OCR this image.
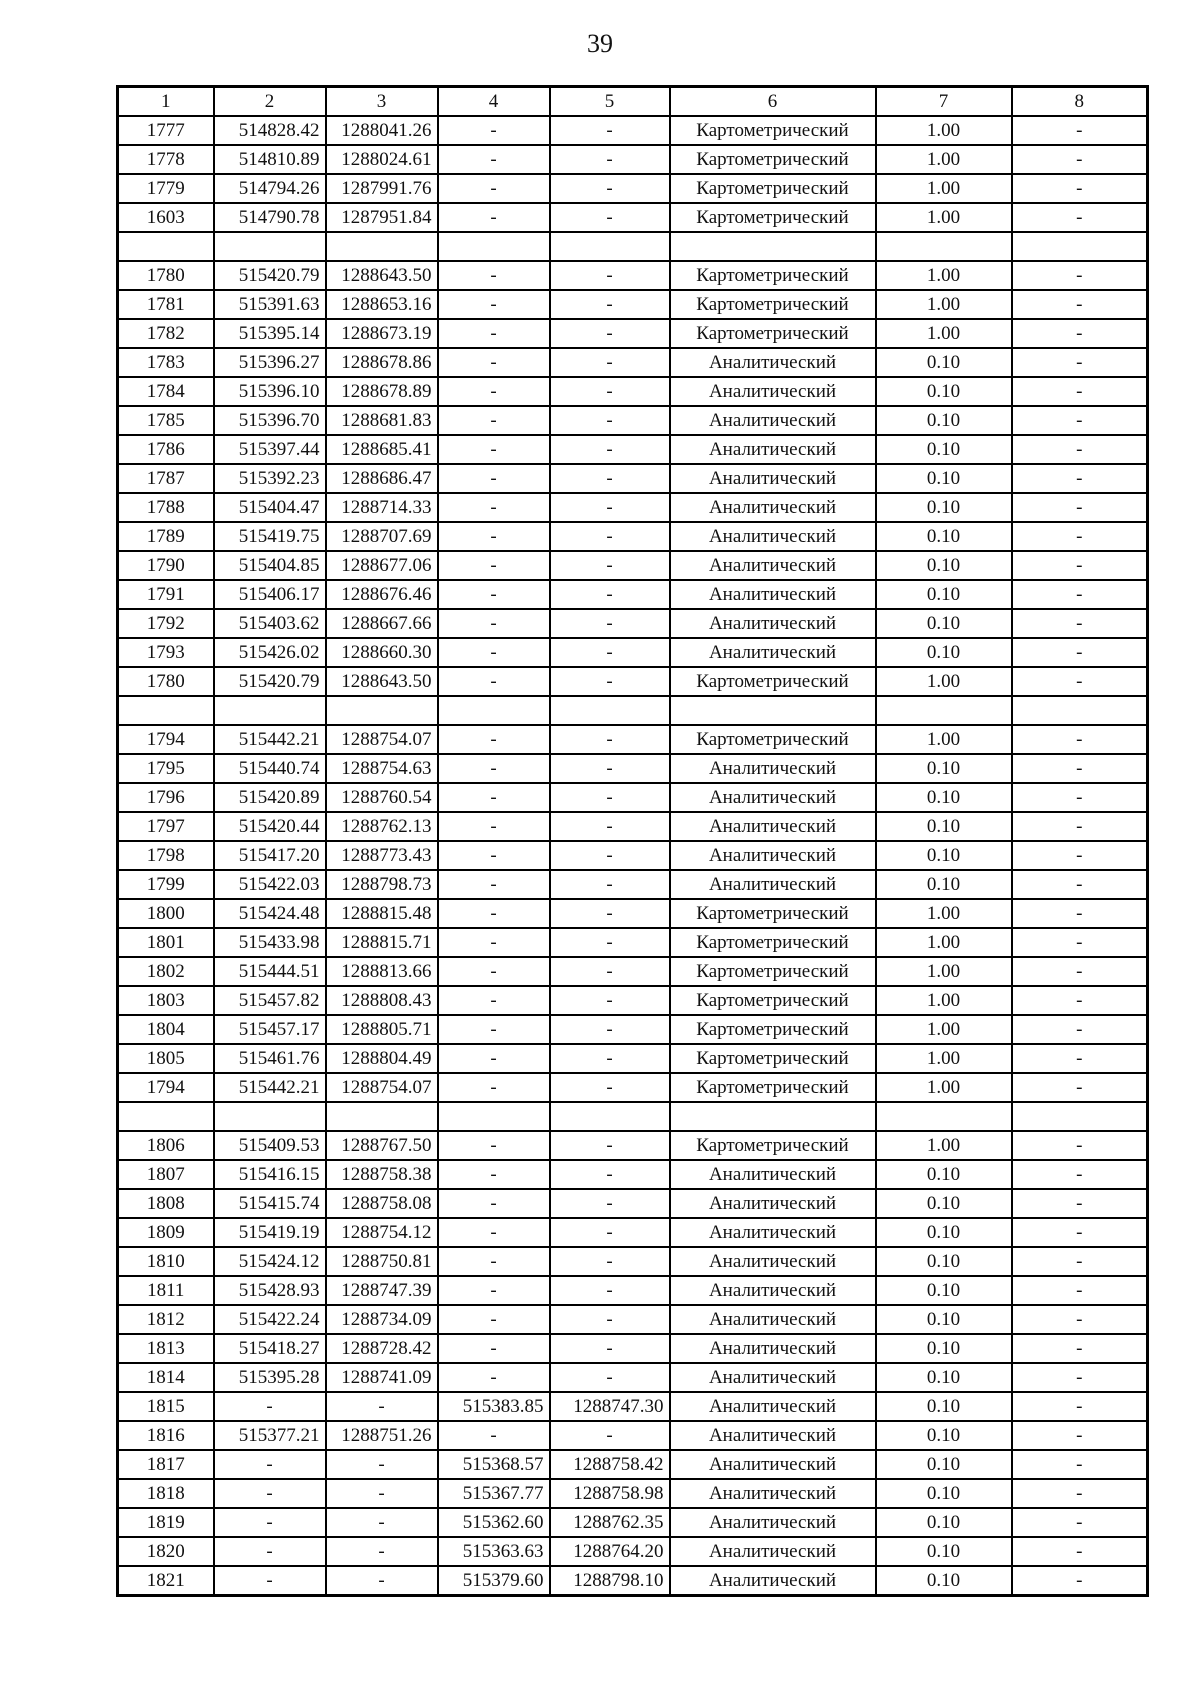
39
1	2	3	4	5	6	7	8
1777	514828.42	1288041.26	-	-	Картометрический	1.00	-
1778	514810.89	1288024.61	-	-	Картометрический	1.00	-
1779	514794.26	1287991.76	-	-	Картометрический	1.00	-
1603	514790.78	1287951.84	-	-	Картометрический	1.00	-

1780	515420.79	1288643.50	-	-	Картометрический	1.00	-
1781	515391.63	1288653.16	-	-	Картометрический	1.00	-
1782	515395.14	1288673.19	-	-	Картометрический	1.00	-
1783	515396.27	1288678.86	-	-	Аналитический	0.10	-
1784	515396.10	1288678.89	-	-	Аналитический	0.10	-
1785	515396.70	1288681.83	-	-	Аналитический	0.10	-
1786	515397.44	1288685.41	-	-	Аналитический	0.10	-
1787	515392.23	1288686.47	-	-	Аналитический	0.10	-
1788	515404.47	1288714.33	-	-	Аналитический	0.10	-
1789	515419.75	1288707.69	-	-	Аналитический	0.10	-
1790	515404.85	1288677.06	-	-	Аналитический	0.10	-
1791	515406.17	1288676.46	-	-	Аналитический	0.10	-
1792	515403.62	1288667.66	-	-	Аналитический	0.10	-
1793	515426.02	1288660.30	-	-	Аналитический	0.10	-
1780	515420.79	1288643.50	-	-	Картометрический	1.00	-

1794	515442.21	1288754.07	-	-	Картометрический	1.00	-
1795	515440.74	1288754.63	-	-	Аналитический	0.10	-
1796	515420.89	1288760.54	-	-	Аналитический	0.10	-
1797	515420.44	1288762.13	-	-	Аналитический	0.10	-
1798	515417.20	1288773.43	-	-	Аналитический	0.10	-
1799	515422.03	1288798.73	-	-	Аналитический	0.10	-
1800	515424.48	1288815.48	-	-	Картометрический	1.00	-
1801	515433.98	1288815.71	-	-	Картометрический	1.00	-
1802	515444.51	1288813.66	-	-	Картометрический	1.00	-
1803	515457.82	1288808.43	-	-	Картометрический	1.00	-
1804	515457.17	1288805.71	-	-	Картометрический	1.00	-
1805	515461.76	1288804.49	-	-	Картометрический	1.00	-
1794	515442.21	1288754.07	-	-	Картометрический	1.00	-

1806	515409.53	1288767.50	-	-	Картометрический	1.00	-
1807	515416.15	1288758.38	-	-	Аналитический	0.10	-
1808	515415.74	1288758.08	-	-	Аналитический	0.10	-
1809	515419.19	1288754.12	-	-	Аналитический	0.10	-
1810	515424.12	1288750.81	-	-	Аналитический	0.10	-
1811	515428.93	1288747.39	-	-	Аналитический	0.10	-
1812	515422.24	1288734.09	-	-	Аналитический	0.10	-
1813	515418.27	1288728.42	-	-	Аналитический	0.10	-
1814	515395.28	1288741.09	-	-	Аналитический	0.10	-
1815	-	-	515383.85	1288747.30	Аналитический	0.10	-
1816	515377.21	1288751.26	-	-	Аналитический	0.10	-
1817	-	-	515368.57	1288758.42	Аналитический	0.10	-
1818	-	-	515367.77	1288758.98	Аналитический	0.10	-
1819	-	-	515362.60	1288762.35	Аналитический	0.10	-
1820	-	-	515363.63	1288764.20	Аналитический	0.10	-
1821	-	-	515379.60	1288798.10	Аналитический	0.10	-
